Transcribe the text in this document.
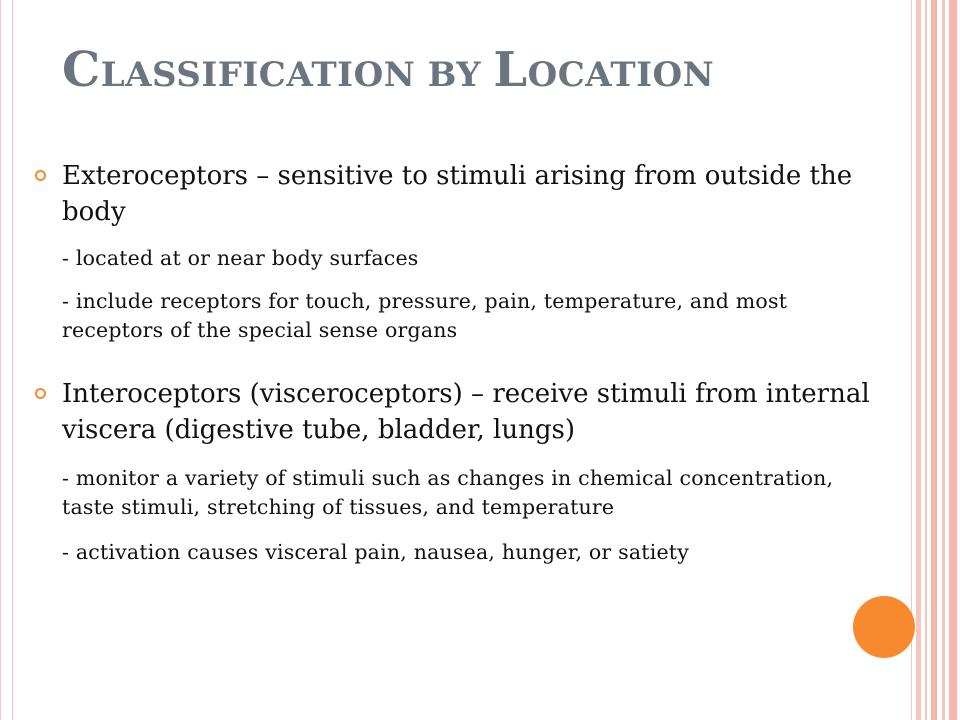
CLASSIFICATION BY LOCATION
Exteroceptors – sensitive to stimuli arising from outside the body

- located at or near body surfaces

- include receptors for touch, pressure, pain, temperature, and most receptors of the special sense organs

Interoceptors (visceroceptors) – receive stimuli from internal viscera (digestive tube, bladder, lungs)

- monitor a variety of stimuli such as changes in chemical concentration, taste stimuli, stretching of tissues, and temperature

- activation causes visceral pain, nausea, hunger, or satiety
